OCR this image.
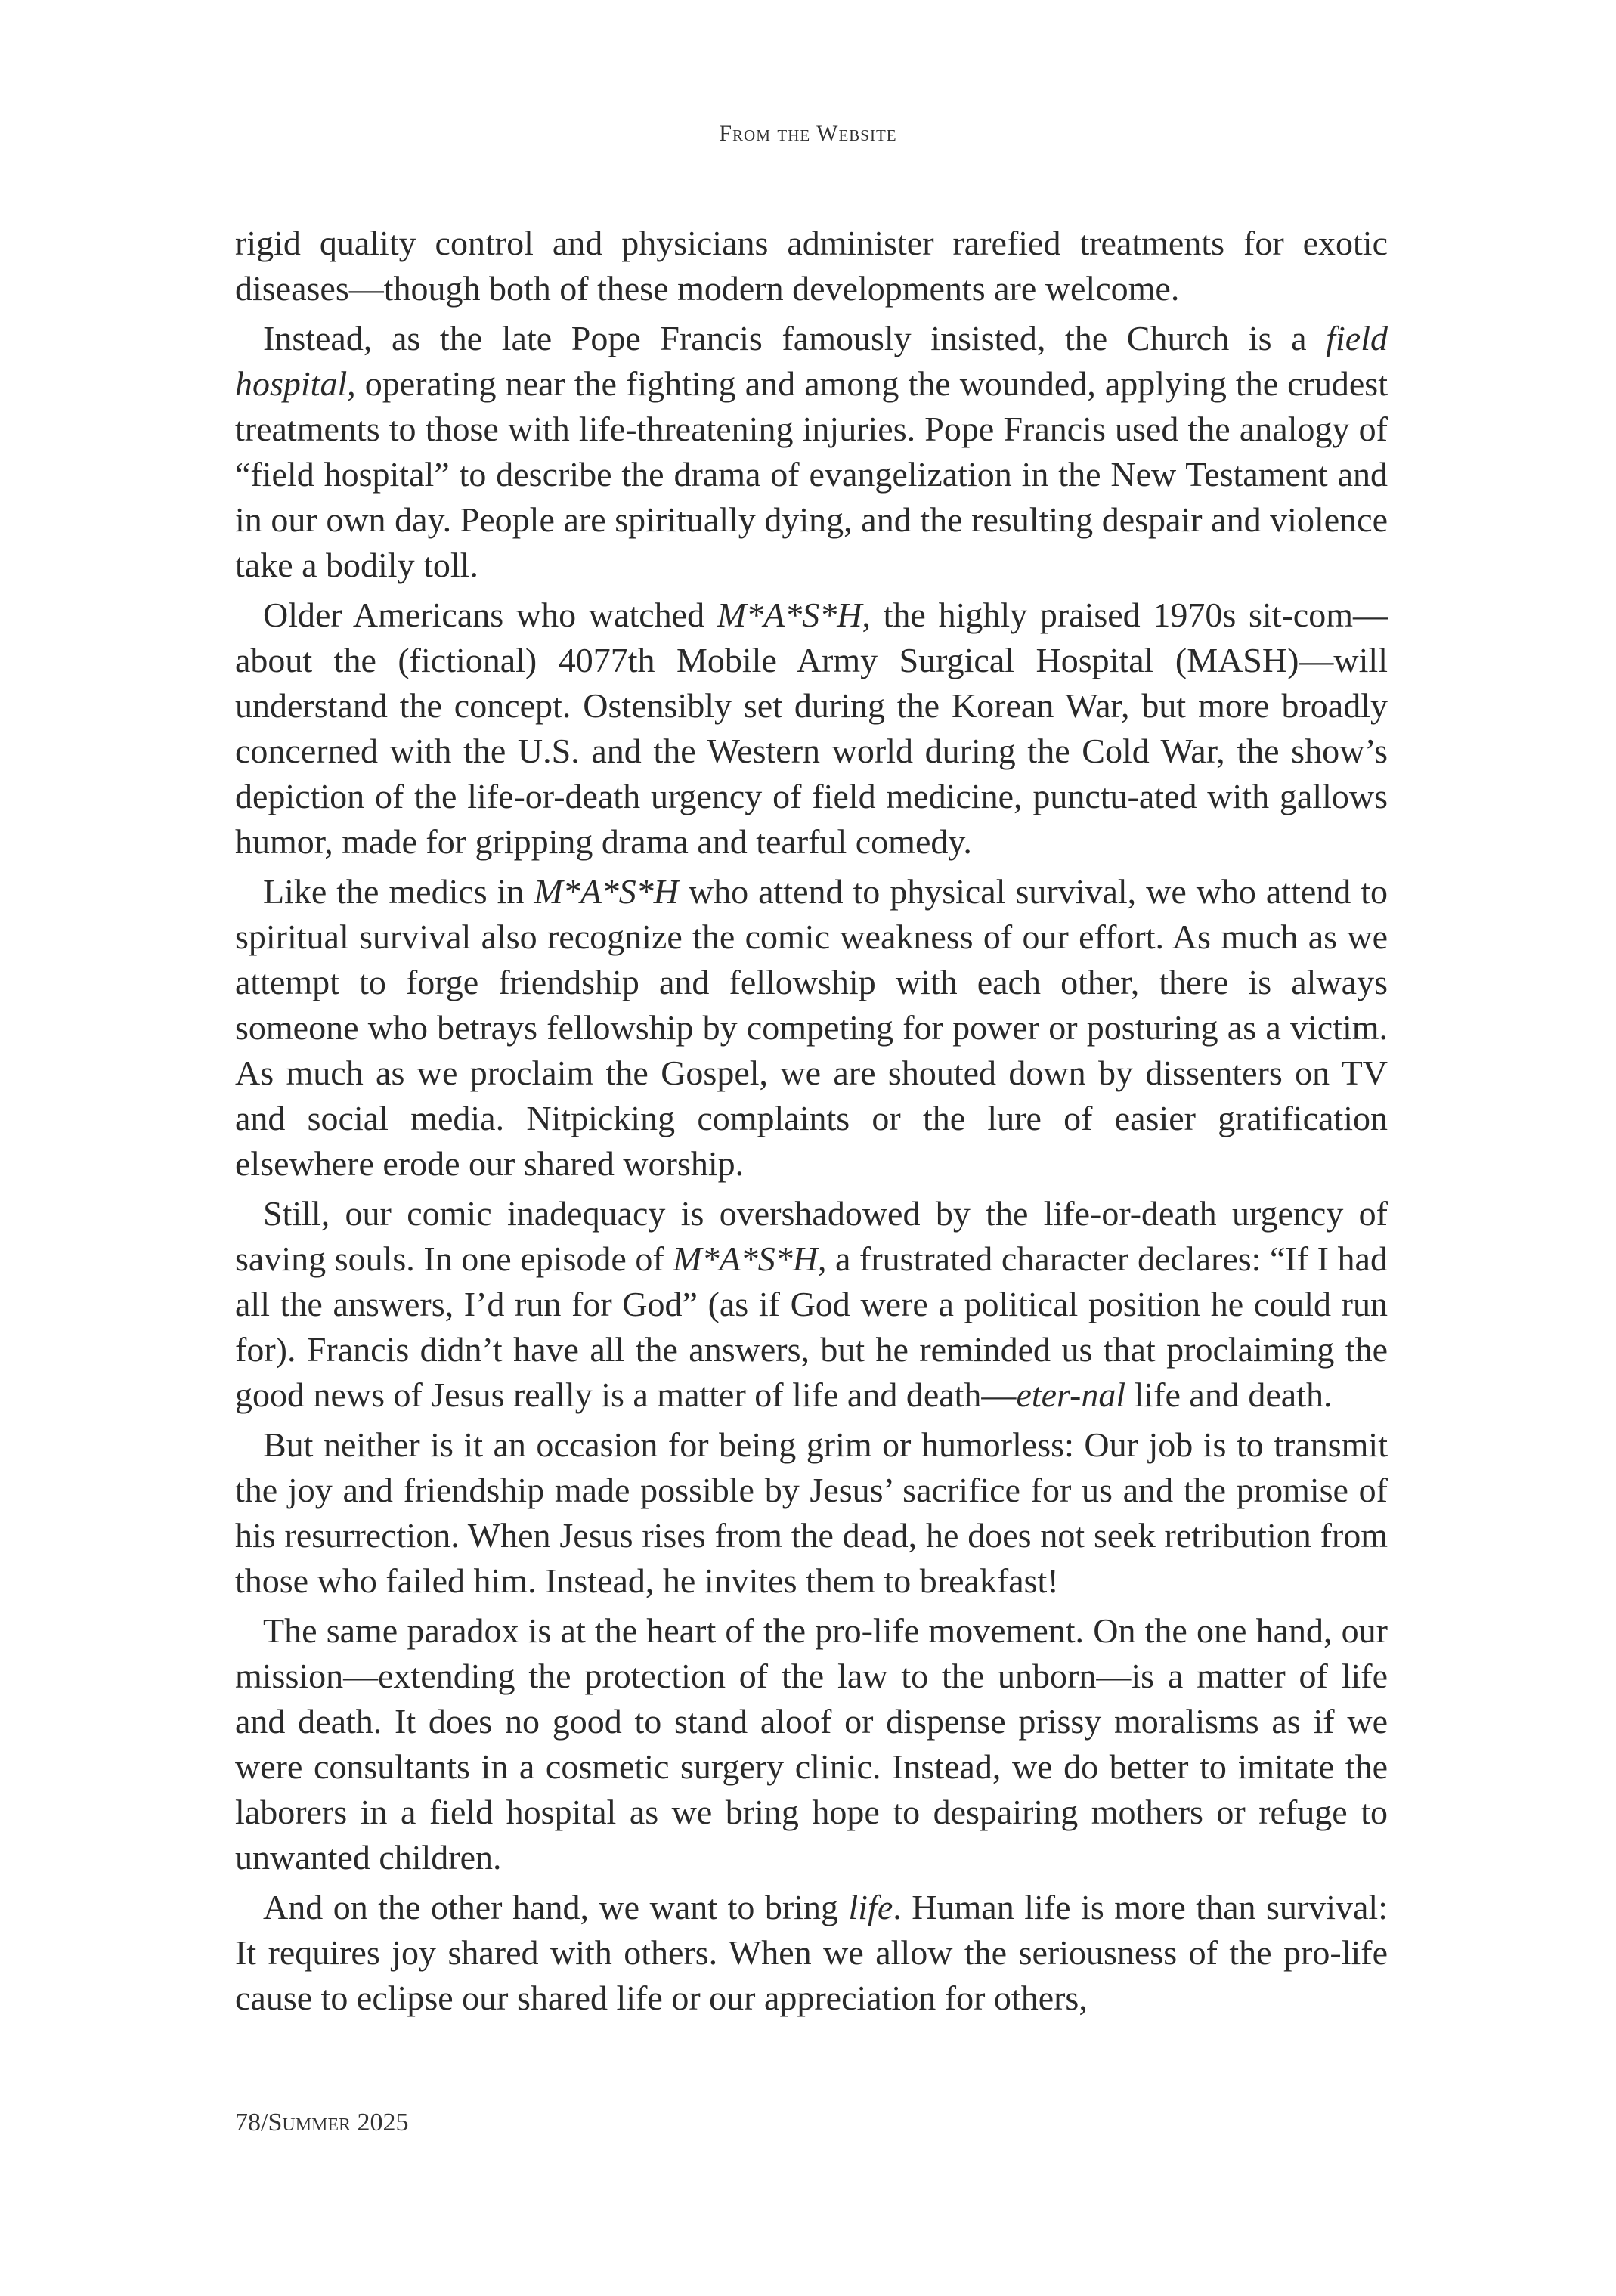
From the Website

rigid quality control and physicians administer rarefied treatments for exotic diseases—though both of these modern developments are welcome.

Instead, as the late Pope Francis famously insisted, the Church is a field hospital, operating near the fighting and among the wounded, applying the crudest treatments to those with life-threatening injuries. Pope Francis used the analogy of “field hospital” to describe the drama of evangelization in the New Testament and in our own day. People are spiritually dying, and the resulting despair and violence take a bodily toll.

Older Americans who watched M*A*S*H, the highly praised 1970s sit-com—about the (fictional) 4077th Mobile Army Surgical Hospital (MASH)—will understand the concept. Ostensibly set during the Korean War, but more broadly concerned with the U.S. and the Western world during the Cold War, the show’s depiction of the life-or-death urgency of field medicine, punctu-ated with gallows humor, made for gripping drama and tearful comedy.

Like the medics in M*A*S*H who attend to physical survival, we who attend to spiritual survival also recognize the comic weakness of our effort. As much as we attempt to forge friendship and fellowship with each other, there is always someone who betrays fellowship by competing for power or posturing as a victim. As much as we proclaim the Gospel, we are shouted down by dissenters on TV and social media. Nitpicking complaints or the lure of easier gratification elsewhere erode our shared worship.

Still, our comic inadequacy is overshadowed by the life-or-death urgency of saving souls. In one episode of M*A*S*H, a frustrated character declares: “If I had all the answers, I’d run for God” (as if God were a political position he could run for). Francis didn’t have all the answers, but he reminded us that proclaiming the good news of Jesus really is a matter of life and death—eter-nal life and death.

But neither is it an occasion for being grim or humorless: Our job is to transmit the joy and friendship made possible by Jesus’ sacrifice for us and the promise of his resurrection. When Jesus rises from the dead, he does not seek retribution from those who failed him. Instead, he invites them to breakfast!

The same paradox is at the heart of the pro-life movement. On the one hand, our mission—extending the protection of the law to the unborn—is a matter of life and death. It does no good to stand aloof or dispense prissy moralisms as if we were consultants in a cosmetic surgery clinic. Instead, we do better to imitate the laborers in a field hospital as we bring hope to despairing mothers or refuge to unwanted children.

And on the other hand, we want to bring life. Human life is more than survival: It requires joy shared with others. When we allow the seriousness of the pro-life cause to eclipse our shared life or our appreciation for others,

78/Summer 2025
